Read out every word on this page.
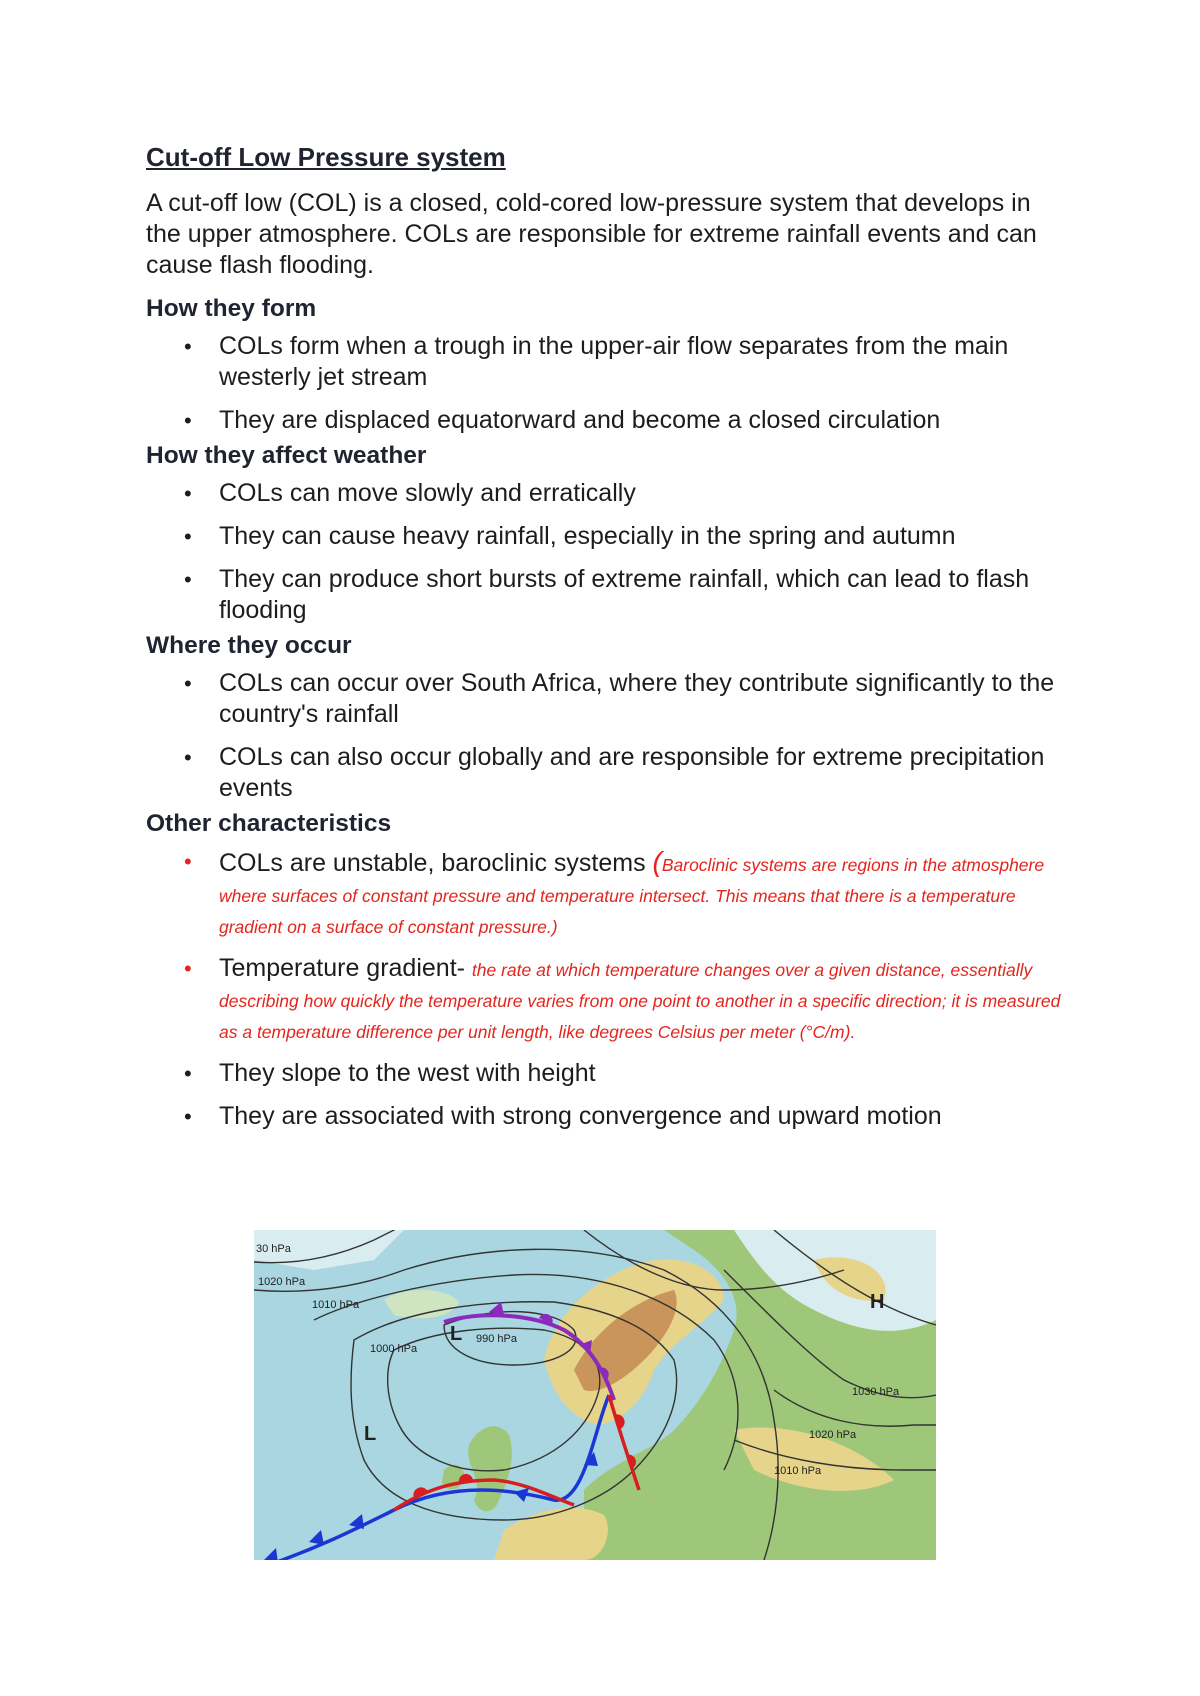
Cut-off Low Pressure system

A cut-off low (COL) is a closed, cold-cored low-pressure system that develops in the upper atmosphere. COLs are responsible for extreme rainfall events and can cause flash flooding.

How they form
• COLs form when a trough in the upper-air flow separates from the main westerly jet stream
• They are displaced equatorward and become a closed circulation
How they affect weather
• COLs can move slowly and erratically
• They can cause heavy rainfall, especially in the spring and autumn
• They can produce short bursts of extreme rainfall, which can lead to flash flooding
Where they occur
• COLs can occur over South Africa, where they contribute significantly to the country's rainfall
• COLs can also occur globally and are responsible for extreme precipitation events
Other characteristics
• COLs are unstable, baroclinic systems (Baroclinic systems are regions in the atmosphere where surfaces of constant pressure and temperature intersect. This means that there is a temperature gradient on a surface of constant pressure.)
• Temperature gradient- the rate at which temperature changes over a given distance, essentially describing how quickly the temperature varies from one point to another in a specific direction; it is measured as a temperature difference per unit length, like degrees Celsius per meter (°C/m).
• They slope to the west with height
• They are associated with strong convergence and upward motion
30 hPa
1020 hPa
1010 hPa
1000 hPa
990 hPa
1030 hPa
1020 hPa
1010 hPa
L
L
H
